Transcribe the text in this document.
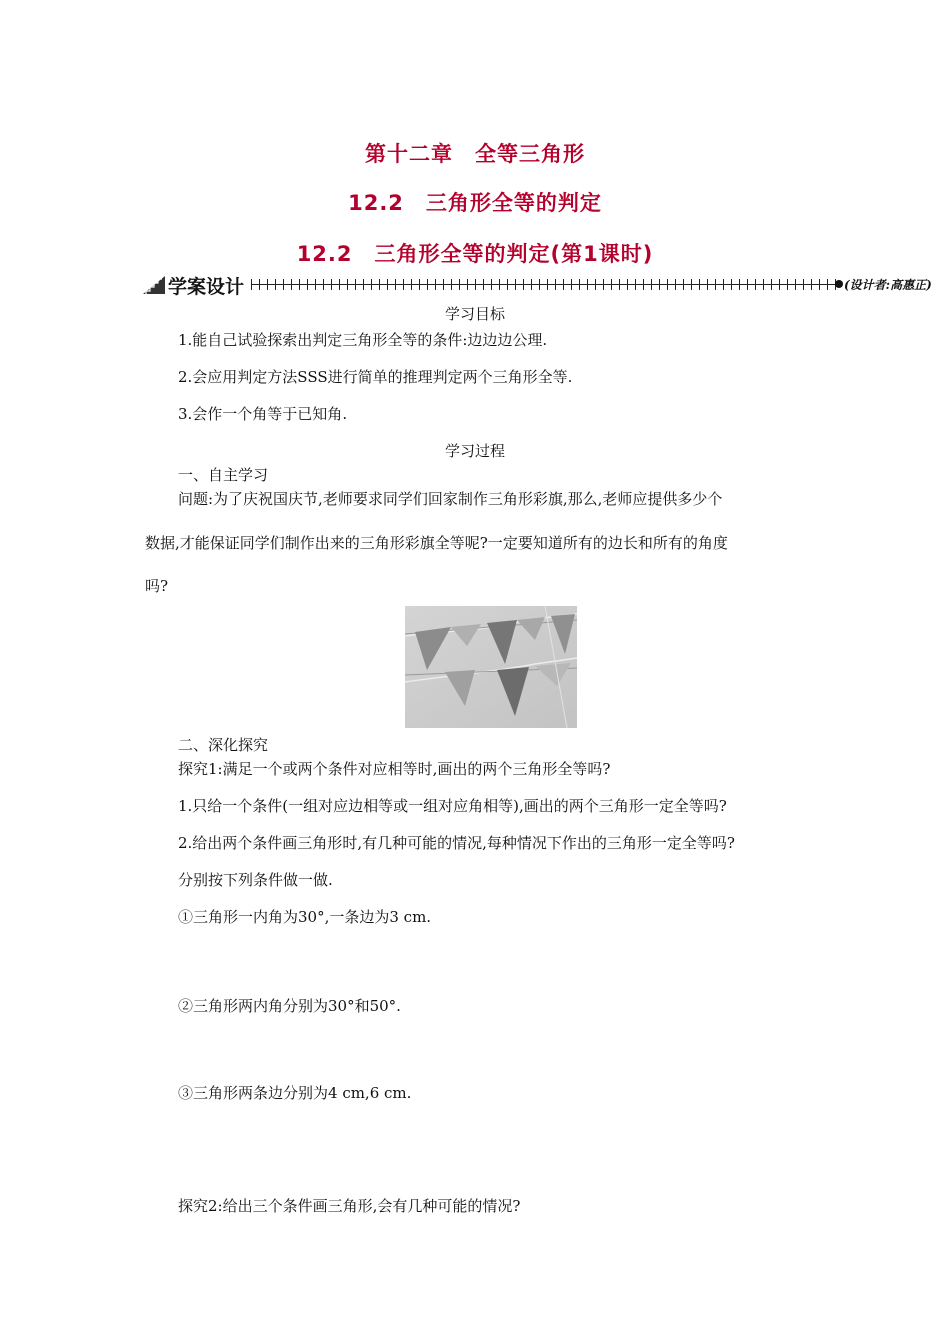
第十二章　全等三角形
12.2　三角形全等的判定
12.2　三角形全等的判定(第1课时)
学案设计	(设计者:高惠正)
学习目标
1.能自己试验探索出判定三角形全等的条件:边边边公理.
2.会应用判定方法SSS进行简单的推理判定两个三角形全等.
3.会作一个角等于已知角.
学习过程
一、自主学习
问题:为了庆祝国庆节,老师要求同学们回家制作三角形彩旗,那么,老师应提供多少个
数据,才能保证同学们制作出来的三角形彩旗全等呢?一定要知道所有的边长和所有的角度
吗?
二、深化探究
探究1:满足一个或两个条件对应相等时,画出的两个三角形全等吗?
1.只给一个条件(一组对应边相等或一组对应角相等),画出的两个三角形一定全等吗?
2.给出两个条件画三角形时,有几种可能的情况,每种情况下作出的三角形一定全等吗?
分别按下列条件做一做.
①三角形一内角为30°,一条边为3 cm.
②三角形两内角分别为30°和50°.
③三角形两条边分别为4 cm,6 cm.
探究2:给出三个条件画三角形,会有几种可能的情况?
